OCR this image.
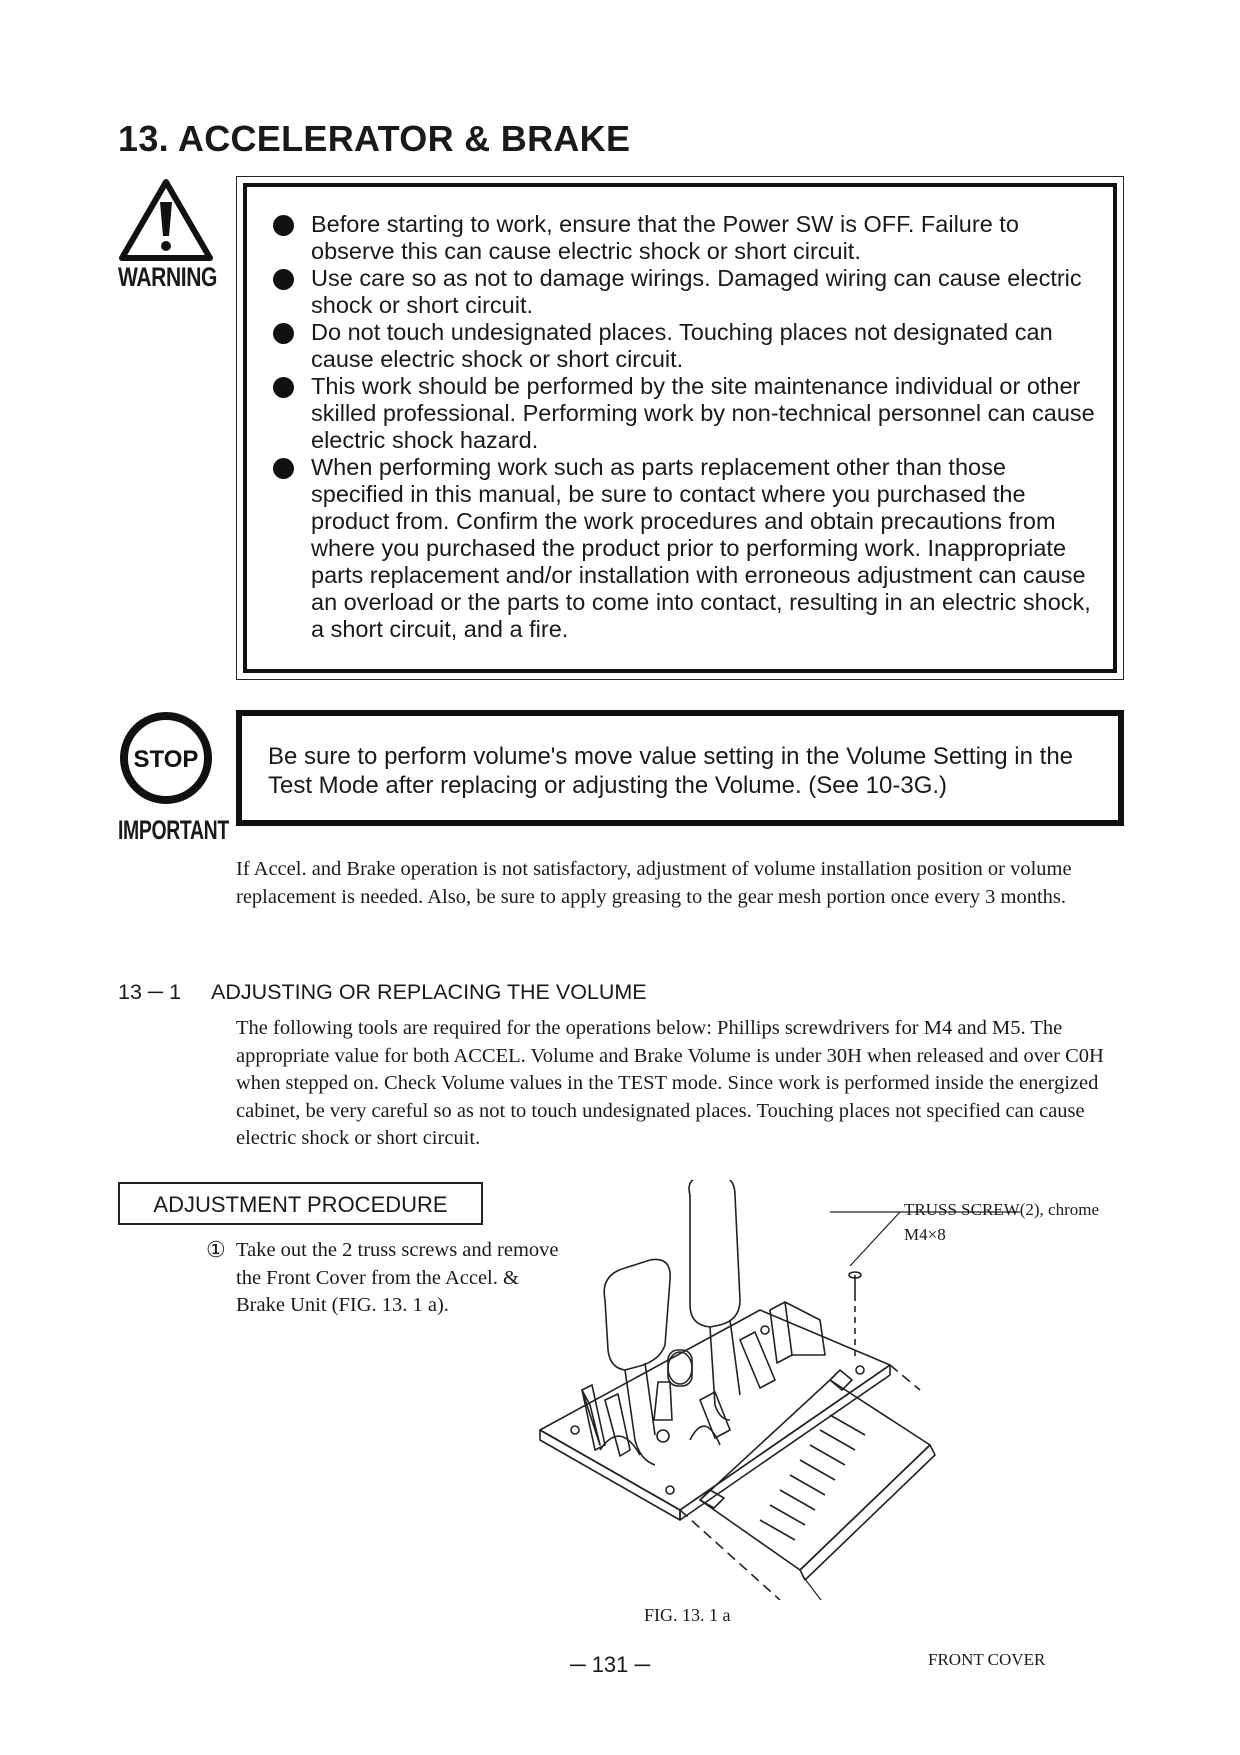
13. ACCELERATOR & BRAKE
WARNING
Before starting to work, ensure that the Power SW is OFF. Failure to observe this can cause electric shock or short circuit.
Use care so as not to damage wirings. Damaged wiring can cause electric shock or short circuit.
Do not touch undesignated places. Touching places not designated can cause electric shock or short circuit.
This work should be performed by the site maintenance individual or other skilled professional. Performing work by non-technical personnel can cause electric shock hazard.
When performing work such as parts replacement other than those specified in this manual, be sure to contact where you purchased the product from. Confirm the work procedures and obtain precautions from where you purchased the product prior to performing work. Inappropriate parts replacement and/or installation with erroneous adjustment can cause an overload or the parts to come into contact, resulting in an electric shock, a short circuit, and a fire.
STOP
IMPORTANT
Be sure to perform volume's move value setting in the Volume Setting in the Test Mode after replacing or adjusting the Volume. (See 10-3G.)
If Accel. and Brake operation is not satisfactory, adjustment of volume installation position or volume replacement is needed. Also, be sure to apply greasing to the gear mesh portion once every 3 months.
13 ─ 1 ADJUSTING OR REPLACING THE VOLUME
The following tools are required for the operations below: Phillips screwdrivers for M4 and M5. The appropriate value for both ACCEL. Volume and Brake Volume is under 30H when released and over C0H when stepped on. Check Volume values in the TEST mode. Since work is performed inside the energized cabinet, be very careful so as not to touch undesignated places. Touching places not specified can cause electric shock or short circuit.
ADJUSTMENT PROCEDURE
① Take out the 2 truss screws and remove the Front Cover from the Accel. & Brake Unit (FIG. 13. 1 a).
TRUSS SCREW(2), chrome
M4×8
FRONT COVER
FIG. 13. 1 a
─ 131 ─
